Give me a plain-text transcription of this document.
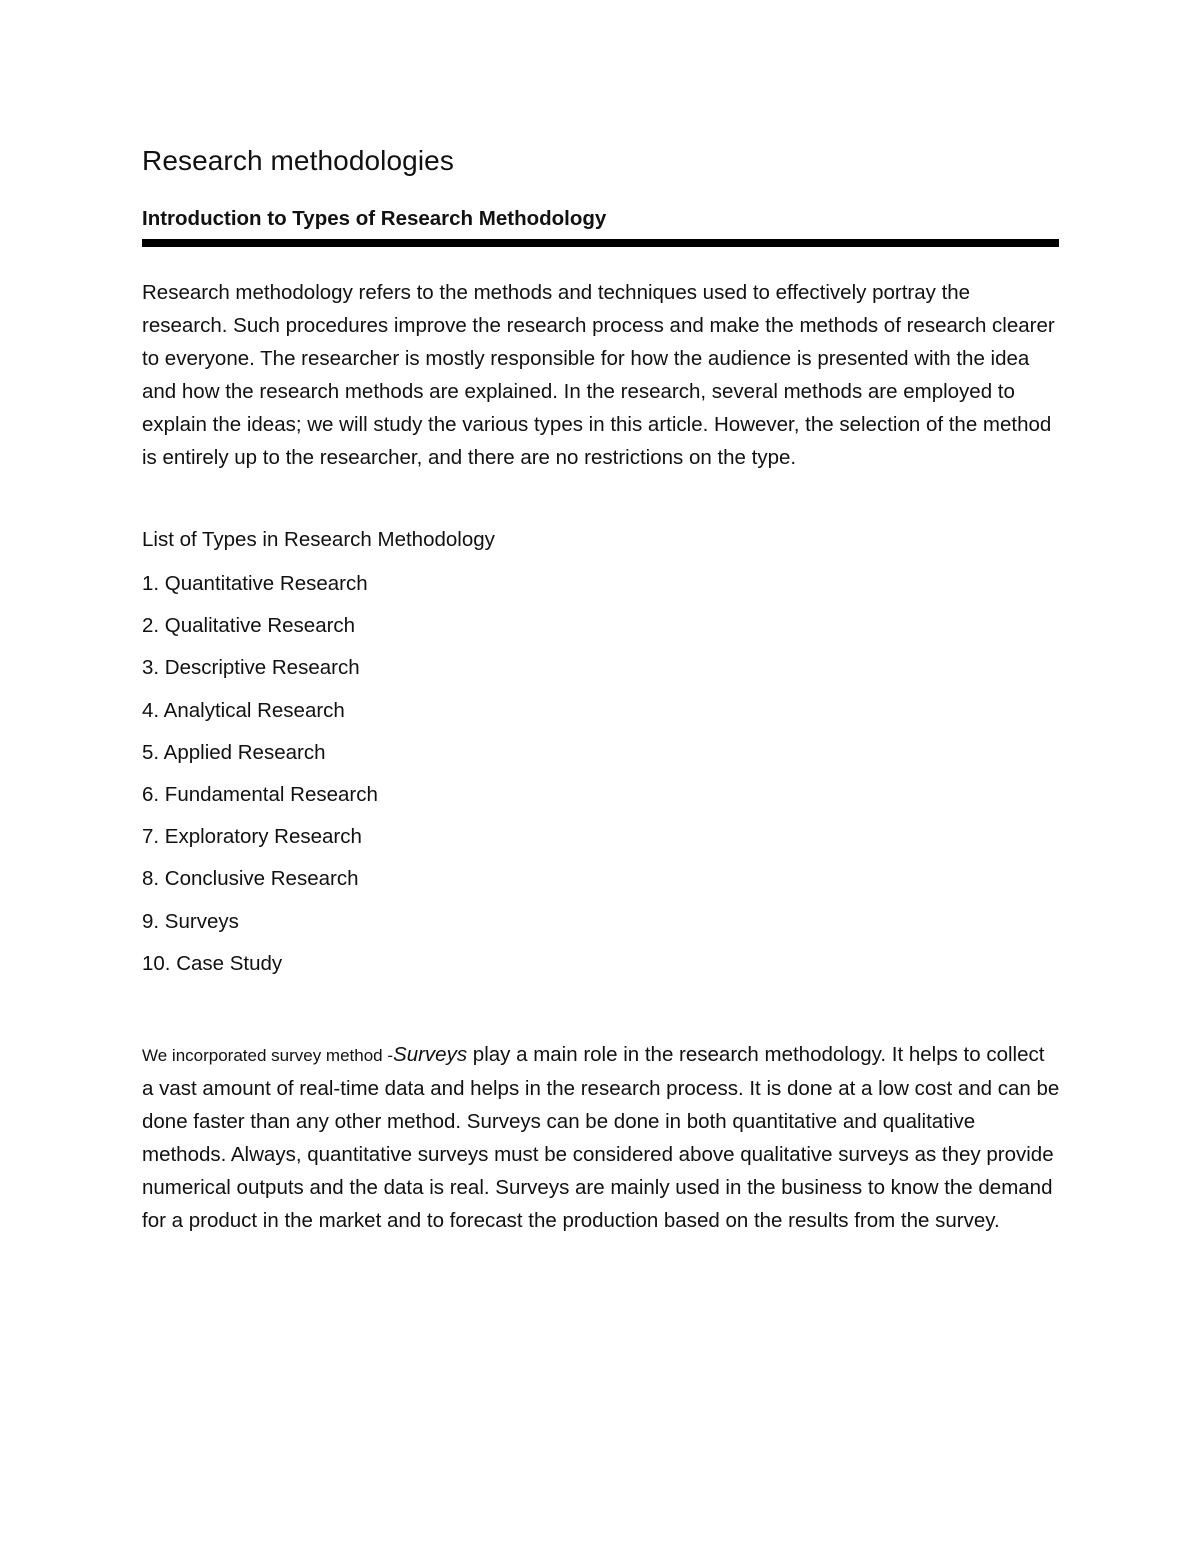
Research methodologies
Introduction to Types of Research Methodology

Research methodology refers to the methods and techniques used to effectively portray the research. Such procedures improve the research process and make the methods of research clearer to everyone. The researcher is mostly responsible for how the audience is presented with the idea and how the research methods are explained. In the research, several methods are employed to explain the ideas; we will study the various types in this article. However, the selection of the method is entirely up to the researcher, and there are no restrictions on the type.

List of Types in Research Methodology

1. Quantitative Research
2. Qualitative Research
3. Descriptive Research
4. Analytical Research
5. Applied Research
6. Fundamental Research
7. Exploratory Research
8. Conclusive Research
9. Surveys
10. Case Study

We incorporated survey method -Surveys play a main role in the research methodology. It helps to collect a vast amount of real-time data and helps in the research process. It is done at a low cost and can be done faster than any other method. Surveys can be done in both quantitative and qualitative methods. Always, quantitative surveys must be considered above qualitative surveys as they provide numerical outputs and the data is real. Surveys are mainly used in the business to know the demand for a product in the market and to forecast the production based on the results from the survey.
